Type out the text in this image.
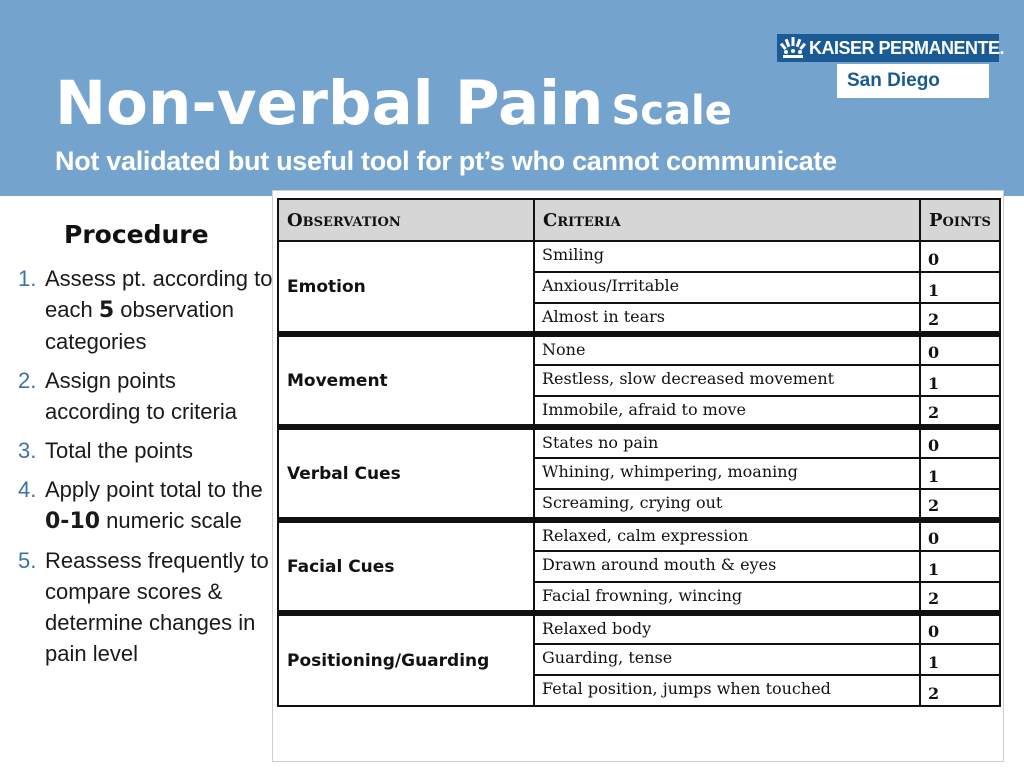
Non-verbal Pain Scale
Not validated but useful tool for pt’s who cannot communicate
KAISER PERMANENTE.
San Diego
Procedure
1. Assess pt. according to each 5 observation categories
2. Assign points according to criteria
3. Total the points
4. Apply point total to the 0-10 numeric scale
5. Reassess frequently to compare scores & determine changes in pain level
Observation	Criteria	Points
Emotion	Smiling	0
	Anxious/Irritable	1
	Almost in tears	2
Movement	None	0
	Restless, slow decreased movement	1
	Immobile, afraid to move	2
Verbal Cues	States no pain	0
	Whining, whimpering, moaning	1
	Screaming, crying out	2
Facial Cues	Relaxed, calm expression	0
	Drawn around mouth & eyes	1
	Facial frowning, wincing	2
Positioning/Guarding	Relaxed body	0
	Guarding, tense	1
	Fetal position, jumps when touched	2
